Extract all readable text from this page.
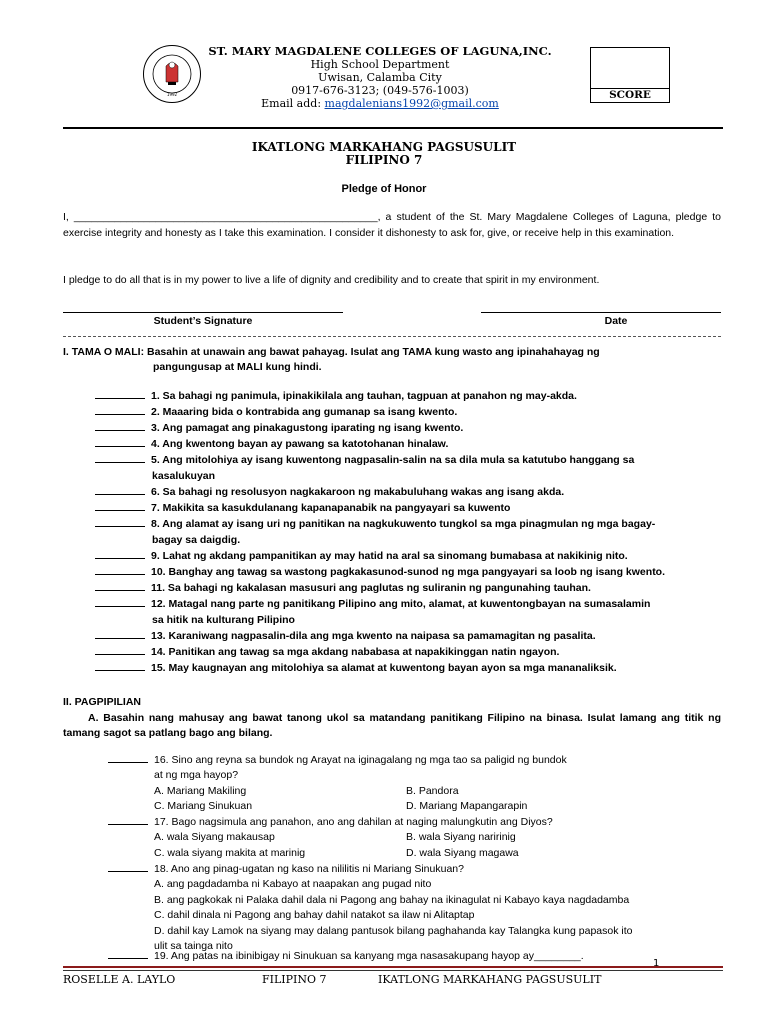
1992
ST. MARY MAGDALENE COLLEGES OF LAGUNA,INC.
High School Department
Uwisan, Calamba City
0917-676-3123; (049-576-1003)
Email add: magdalenians1992@gmail.com
SCORE
IKATLONG MARKAHANG PAGSUSULIT
FILIPINO 7
Pledge of Honor
I, ____________________________________________________, a student of the St. Mary Magdalene Colleges of Laguna, pledge to exercise integrity and honesty as I take this examination. I consider it dishonesty to ask for, give, or receive help in this examination.
I pledge to do all that is in my power to live a life of dignity and credibility and to create that spirit in my environment.
Student’s Signature	Date
I. TAMA O MALI: Basahin at unawain ang bawat pahayag. Isulat ang TAMA kung wasto ang ipinahahayag ng
pangungusap at MALI kung hindi.
1. Sa bahagi ng panimula, ipinakikilala ang tauhan, tagpuan at panahon ng may-akda.
2. Maaaring bida o kontrabida ang gumanap sa isang kwento.
3. Ang pamagat ang pinakagustong iparating ng isang kwento.
4. Ang kwentong bayan ay pawang sa katotohanan hinalaw.
5. Ang mitolohiya ay isang kuwentong nagpasalin-salin na sa dila mula sa katutubo hanggang sa
kasalukuyan
6. Sa bahagi ng resolusyon nagkakaroon ng makabuluhang wakas ang isang akda.
7. Makikita sa kasukdulanang kapanapanabik na pangyayari sa kuwento
8. Ang alamat ay isang uri ng panitikan na nagkukuwento tungkol sa mga pinagmulan ng mga bagay-
bagay sa daigdig.
9. Lahat ng akdang pampanitikan ay may hatid na aral sa sinomang bumabasa at nakikinig nito.
10. Banghay ang tawag sa wastong pagkakasunod-sunod ng mga pangyayari sa loob ng isang kwento.
11. Sa bahagi ng kakalasan masusuri ang paglutas ng suliranin ng pangunahing tauhan.
12. Matagal nang parte ng panitikang Pilipino ang mito, alamat, at kuwentongbayan na sumasalamin
sa hitik na kulturang Pilipino
13. Karaniwang nagpasalin-dila ang mga kwento na naipasa sa pamamagitan ng pasalita.
14. Panitikan ang tawag sa mga akdang nababasa at napakikinggan natin ngayon.
15. May kaugnayan ang mitolohiya sa alamat at kuwentong bayan ayon sa mga mananaliksik.
II. PAGPIPILIAN
A. Basahin nang mahusay ang bawat tanong ukol sa matandang panitikang Filipino na binasa. Isulat lamang ang titik ng tamang sagot sa patlang bago ang bilang.
16. Sino ang reyna sa bundok ng Arayat na iginagalang ng mga tao sa paligid ng bundok
at ng mga hayop?
A. Mariang Makiling	B. Pandora
C. Mariang Sinukuan	D. Mariang Mapangarapin
17. Bago nagsimula ang panahon, ano ang dahilan at naging malungkutin ang Diyos?
A. wala Siyang makausap	B. wala Siyang naririnig
C. wala siyang makita at marinig	D. wala Siyang magawa
18. Ano ang pinag-ugatan ng kaso na nililitis ni Mariang Sinukuan?
A. ang pagdadamba ni Kabayo at naapakan ang pugad nito
B. ang pagkokak ni Palaka dahil dala ni Pagong ang bahay na ikinagulat ni Kabayo kaya nagdadamba
C. dahil dinala ni Pagong ang bahay dahil natakot sa ilaw ni Alitaptap
D. dahil kay Lamok na siyang may dalang pantusok bilang paghahanda kay Talangka kung papasok ito
ulit sa tainga nito
19. Ang patas na ibinibigay ni Sinukuan sa kanyang mga nasasakupang hayop ay________.
1
ROSELLE A. LAYLO	FILIPINO 7	IKATLONG MARKAHANG PAGSUSULIT
